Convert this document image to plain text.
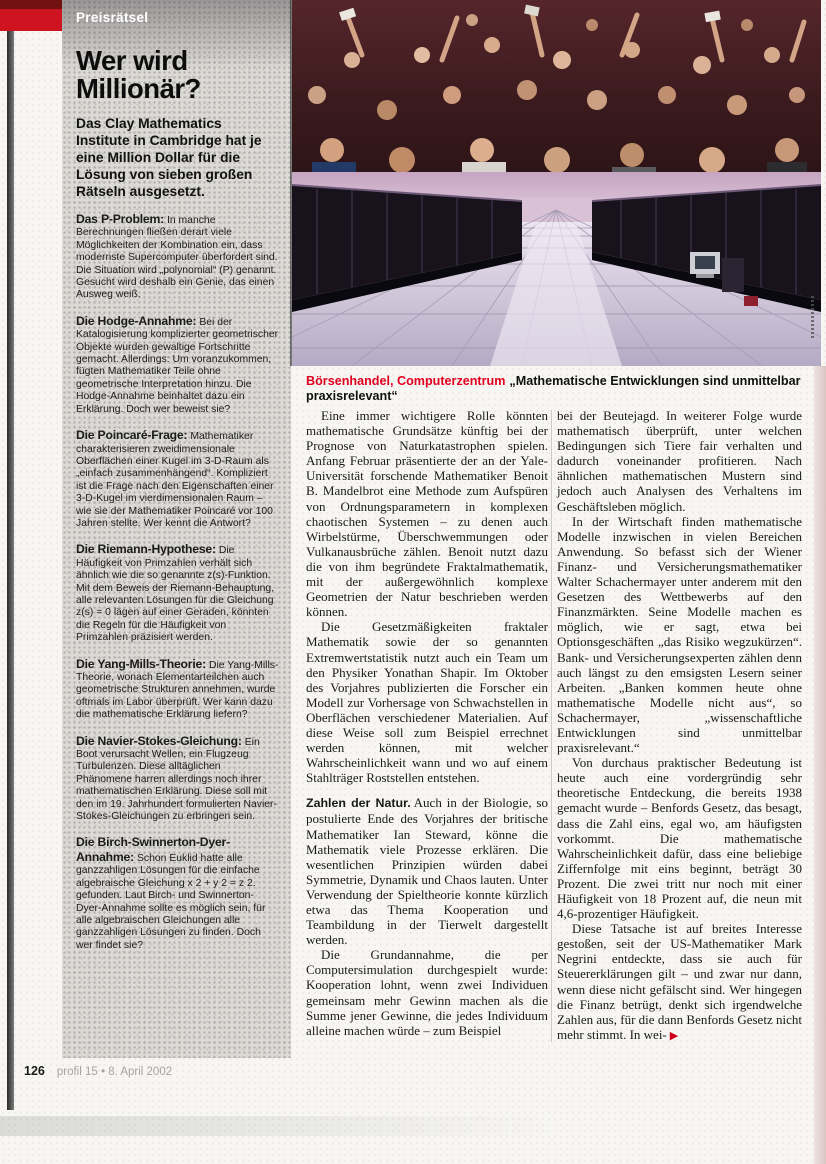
Preisrätsel
Wer wird Millionär?

Das Clay Mathematics Institute in Cambridge hat je eine Million Dollar für die Lösung von sieben großen Rätseln ausgesetzt.

Das P-Problem: In manche Berechnungen fließen derart viele Möglichkeiten der Kombination ein, dass modernste Supercomputer überfordert sind. Die Situation wird „polynomial“ (P) genannt. Gesucht wird deshalb ein Genie, das einen Ausweg weiß.

Die Hodge-Annahme: Bei der Katalogisierung komplizierter geometrischer Objekte wurden gewaltige Fortschritte gemacht. Allerdings: Um voranzukommen, fügten Mathematiker Teile ohne geometrische Interpretation hinzu. Die Hodge-Annahme beinhaltet dazu ein Erklärung. Doch wer beweist sie?

Die Poincaré-Frage: Mathematiker charakterisieren zweidimensionale Oberflächen einer Kugel im 3-D-Raum als „einfach zusammenhängend“. Kompliziert ist die Frage nach den Eigenschaften einer 3-D-Kugel im vierdimensionalen Raum – wie sie der Mathematiker Poincaré vor 100 Jahren stellte. Wer kennt die Antwort?

Die Riemann-Hypothese: Die Häufigkeit von Primzahlen verhält sich ähnlich wie die so genannte z(s)-Funktion. Mit dem Beweis der Riemann-Behauptung, alle relevanten Lösungen für die Gleichung z(s) = 0 lägen auf einer Geraden, könnten die Regeln für die Häufigkeit von Primzahlen präzisiert werden.

Die Yang-Mills-Theorie: Die Yang-Mills-Theorie, wonach Elementarteilchen auch geometrische Strukturen annehmen, wurde oftmals im Labor überprüft. Wer kann dazu die mathematische Erklärung liefern?

Die Navier-Stokes-Gleichung: Ein Boot verursacht Wellen, ein Flugzeug Turbulenzen. Diese alltäglichen Phänomene harren allerdings noch ihrer mathematischen Erklärung. Diese soll mit den im 19. Jahrhundert formulierten Navier-Stokes-Gleichungen zu erbringen sein.

Die Birch-Swinnerton-Dyer-Annahme: Schon Euklid hatte alle ganzzahligen Lösungen für die einfache algebraische Gleichung x 2 + y 2 = z 2. gefunden. Laut Birch- und Swinnerton-Dyer-Annahme sollte es möglich sein, für alle algebraischen Gleichungen alle ganzzahligen Lösungen zu finden. Doch wer findet sie?

Börsenhandel, Computerzentrum „Mathematische Entwicklungen sind unmittelbar praxisrelevant“

Eine immer wichtigere Rolle könnten mathematische Grundsätze künftig bei der Prognose von Naturkatastrophen spielen. Anfang Februar präsentierte der an der Yale-Universität forschende Mathematiker Benoit B. Mandelbrot eine Methode zum Aufspüren von Ordnungsparametern in komplexen chaotischen Systemen – zu denen auch Wirbelstürme, Überschwemmungen oder Vulkanausbrüche zählen. Benoit nutzt dazu die von ihm begründete Fraktalmathematik, mit der außergewöhnlich komplexe Geometrien der Natur beschrieben werden können.

Die Gesetzmäßigkeiten fraktaler Mathematik sowie der so genannten Extremwertstatistik nutzt auch ein Team um den Physiker Yonathan Shapir. Im Oktober des Vorjahres publizierten die Forscher ein Modell zur Vorhersage von Schwachstellen in Oberflächen verschiedener Materialien. Auf diese Weise soll zum Beispiel errechnet werden können, mit welcher Wahrscheinlichkeit wann und wo auf einem Stahlträger Roststellen entstehen.

Zahlen der Natur. Auch in der Biologie, so postulierte Ende des Vorjahres der britische Mathematiker Ian Steward, könne die Mathematik viele Prozesse erklären. Die wesentlichen Prinzipien würden dabei Symmetrie, Dynamik und Chaos lauten. Unter Verwendung der Spieltheorie konnte kürzlich etwa das Thema Kooperation und Teambildung in der Tierwelt dargestellt werden.

Die Grundannahme, die per Computersimulation durchgespielt wurde: Kooperation lohnt, wenn zwei Individuen gemeinsam mehr Gewinn machen als die Summe jener Gewinne, die jedes Individuum alleine machen würde – zum Beispiel

bei der Beutejagd. In weiterer Folge wurde mathematisch überprüft, unter welchen Bedingungen sich Tiere fair verhalten und dadurch voneinander profitieren. Nach ähnlichen mathematischen Mustern sind jedoch auch Analysen des Verhaltens im Geschäftsleben möglich.

In der Wirtschaft finden mathematische Modelle inzwischen in vielen Bereichen Anwendung. So befasst sich der Wiener Finanz- und Versicherungsmathematiker Walter Schachermayer unter anderem mit den Gesetzen des Wettbewerbs auf den Finanzmärkten. Seine Modelle machen es möglich, wie er sagt, etwa bei Optionsgeschäften „das Risiko wegzukürzen“. Bank- und Versicherungsexperten zählen denn auch längst zu den emsigsten Lesern seiner Arbeiten. „Banken kommen heute ohne mathematische Modelle nicht aus“, so Schachermayer, „wissenschaftliche Entwicklungen sind unmittelbar praxisrelevant.“

Von durchaus praktischer Bedeutung ist heute auch eine vordergründig sehr theoretische Entdeckung, die bereits 1938 gemacht wurde – Benfords Gesetz, das besagt, dass die Zahl eins, egal wo, am häufigsten vorkommt. Die mathematische Wahrscheinlichkeit dafür, dass eine beliebige Ziffernfolge mit eins beginnt, beträgt 30 Prozent. Die zwei tritt nur noch mit einer Häufigkeit von 18 Prozent auf, die neun mit 4,6-prozentiger Häufigkeit.

Diese Tatsache ist auf breites Interesse gestoßen, seit der US-Mathematiker Mark Negrini entdeckte, dass sie auch für Steuererklärungen gilt – und zwar nur dann, wenn diese nicht gefälscht sind. Wer hingegen die Finanz betrügt, denkt sich irgendwelche Zahlen aus, für die dann Benfords Gesetz nicht mehr stimmt. In wei- ▶

126 profil 15 • 8. April 2002
